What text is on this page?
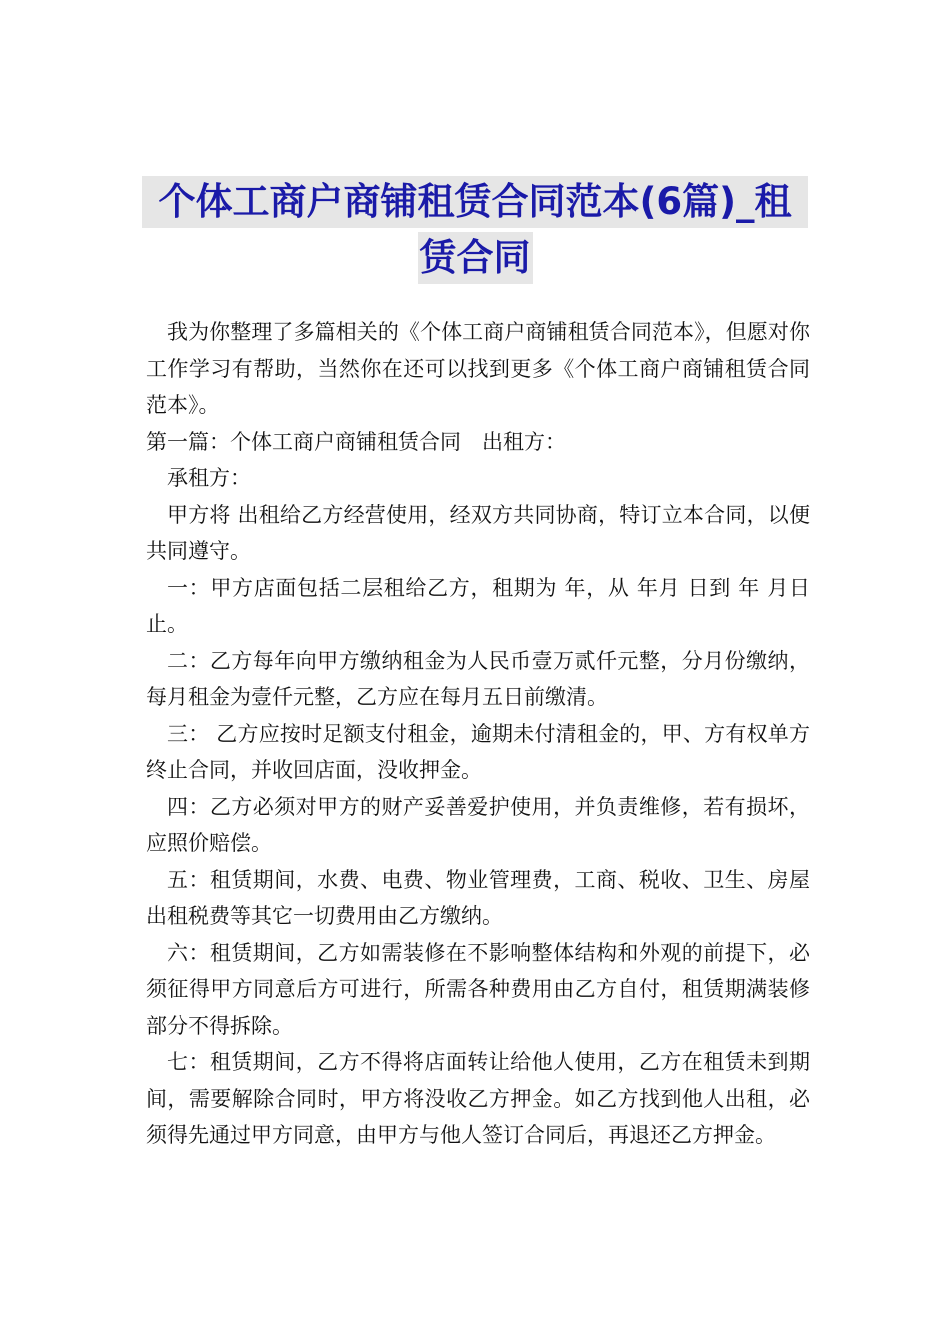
个体工商户商铺租赁合同范本(6篇)_租
赁合同

我为你整理了多篇相关的《个体工商户商铺租赁合同范本》，但愿对你工作学习有帮助，当然你在还可以找到更多《个体工商户商铺租赁合同范本》。

第一篇：个体工商户商铺租赁合同　出租方：

承租方：

甲方将 出租给乙方经营使用，经双方共同协商，特订立本合同，以便共同遵守。

一：甲方店面包括二层租给乙方，租期为 年，从 年月 日到 年 月日止。

二：乙方每年向甲方缴纳租金为人民币壹万贰仟元整，分月份缴纳，每月租金为壹仟元整，乙方应在每月五日前缴清。

三： 乙方应按时足额支付租金，逾期未付清租金的，甲、方有权单方终止合同，并收回店面，没收押金。

四：乙方必须对甲方的财产妥善爱护使用，并负责维修，若有损坏，应照价赔偿。

五：租赁期间，水费、电费、物业管理费，工商、税收、卫生、房屋出租税费等其它一切费用由乙方缴纳。

六：租赁期间，乙方如需装修在不影响整体结构和外观的前提下，必须征得甲方同意后方可进行，所需各种费用由乙方自付，租赁期满装修部分不得拆除。

七：租赁期间，乙方不得将店面转让给他人使用，乙方在租赁未到期间，需要解除合同时，甲方将没收乙方押金。如乙方找到他人出租，必须得先通过甲方同意，由甲方与他人签订合同后，再退还乙方押金。
